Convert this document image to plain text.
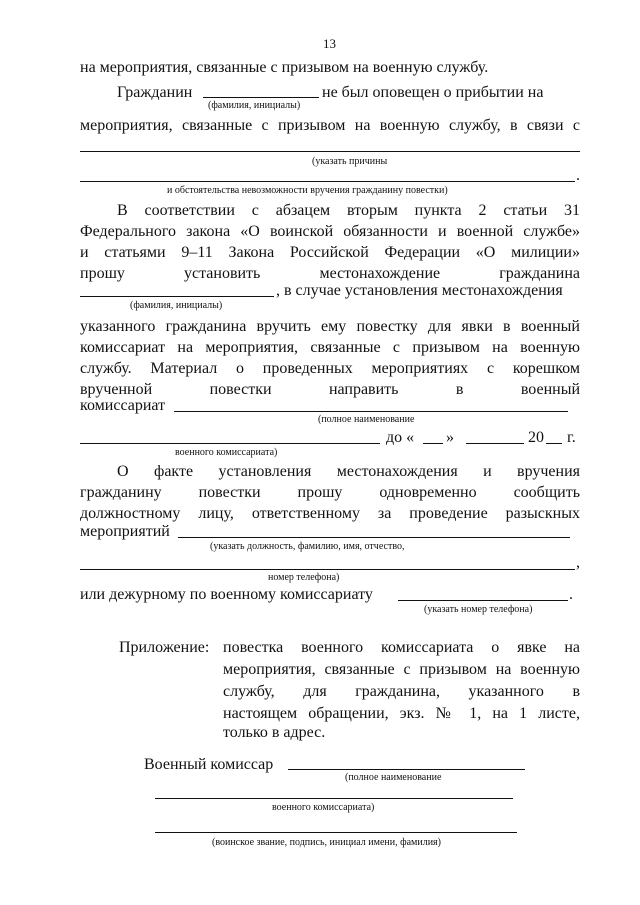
13
на мероприятия, связанные с призывом на военную службу.
Гражданин	не был оповещен о прибытии на
(фамилия, инициалы)
мероприятия, связанные с призывом на военную службу, в связи с
(указать причины
.
и обстоятельства невозможности вручения гражданину повестки)
В соответствии с абзацем вторым пункта 2 статьи 31
Федерального закона «О воинской обязанности и военной службе»
и статьями 9–11 Закона Российской Федерации «О милиции»
прошу установить местонахождение гражданина
, в случае установления местонахождения
(фамилия, инициалы)
указанного гражданина вручить ему повестку для явки в военный
комиссариат на мероприятия, связанные с призывом на военную
службу. Материал о проведенных мероприятиях с корешком
врученной повестки направить в военный
комиссариат
(полное наименование
до « »	20 г.
военного комиссариата)
О факте установления местонахождения и вручения
гражданину повестки прошу одновременно сообщить
должностному лицу, ответственному за проведение разыскных
мероприятий
(указать должность, фамилию, имя, отчество,
,
номер телефона)
или дежурному по военному комиссариату	.
(указать номер телефона)
Приложение: повестка военного комиссариата о явке на
мероприятия, связанные с призывом на военную
службу, для гражданина, указанного в
настоящем обращении, экз. № 1, на 1 листе,
только в адрес.
Военный комиссар
(полное наименование
военного комиссариата)
(воинское звание, подпись, инициал имени, фамилия)
